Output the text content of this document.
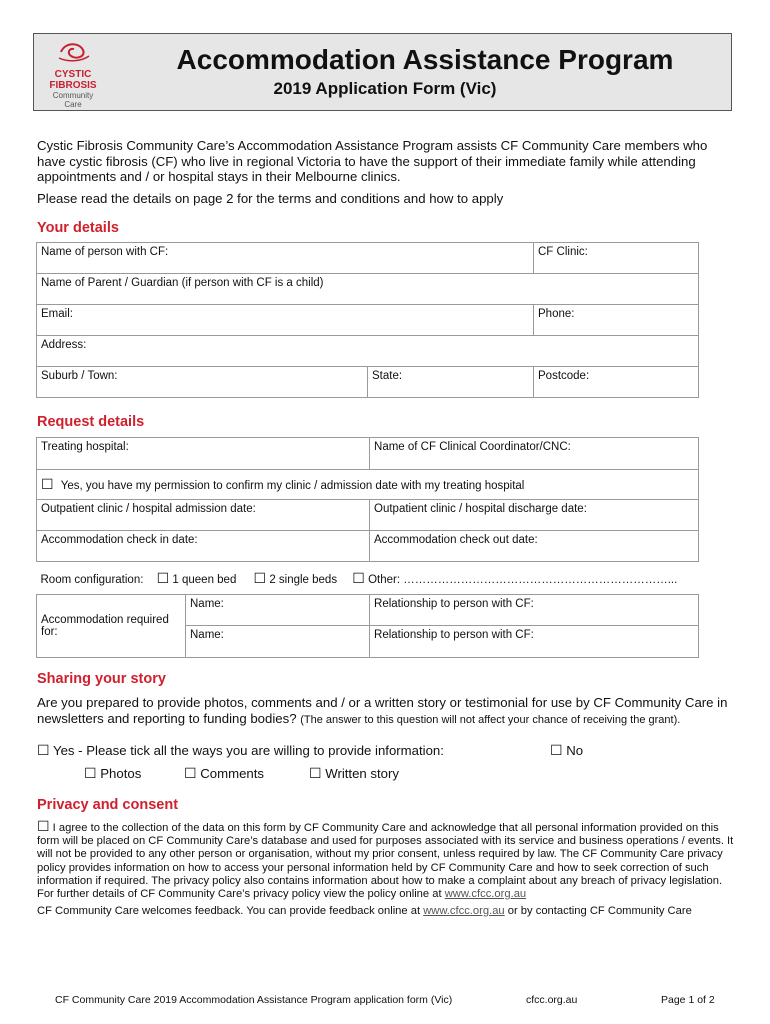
CYSTIC
FIBROSIS
Community
Care
Accommodation Assistance Program
2019 Application Form (Vic)
Cystic Fibrosis Community Care’s Accommodation Assistance Program assists CF Community Care members who have cystic fibrosis (CF) who live in regional Victoria to have the support of their immediate family while attending appointments and / or hospital stays in their Melbourne clinics.
Please read the details on page 2 for the terms and conditions and how to apply
Your details
Name of person with CF:		CF Clinic:
Name of Parent / Guardian (if person with CF is a child)		
Email:		Phone:
Address:		
Suburb / Town:	State:	Postcode:
Request details
Treating hospital:		Name of CF Clinical Coordinator/CNC:
☐ Yes, you have my permission to confirm my clinic / admission date with my treating hospital		
Outpatient clinic / hospital admission date:		Outpatient clinic / hospital discharge date:
Accommodation check in date:		Accommodation check out date:
Room configuration: ☐ 1 queen bed ☐ 2 single beds ☐ Other: ……………………………………………………………...		
Accommodation required for:	Name:	Relationship to person with CF:
	Name:	Relationship to person with CF:
Sharing your story
Are you prepared to provide photos, comments and / or a written story or testimonial for use by CF Community Care in newsletters and reporting to funding bodies? (The answer to this question will not affect your chance of receiving the grant).
☐ Yes - Please tick all the ways you are willing to provide information:	☐ No
☐ Photos	☐ Comments	☐ Written story
Privacy and consent
☐ I agree to the collection of the data on this form by CF Community Care and acknowledge that all personal information provided on this form will be placed on CF Community Care’s database and used for purposes associated with its service and business operations / events. It will not be provided to any other person or organisation, without my prior consent, unless required by law. The CF Community Care privacy policy provides information on how to access your personal information held by CF Community Care and how to seek correction of such information if required. The privacy policy also contains information about how to make a complaint about any breach of privacy legislation. For further details of CF Community Care’s privacy policy view the policy online at www.cfcc.org.au
CF Community Care welcomes feedback. You can provide feedback online at www.cfcc.org.au or by contacting CF Community Care
CF Community Care 2019 Accommodation Assistance Program application form (Vic)	cfcc.org.au	Page 1 of 2
